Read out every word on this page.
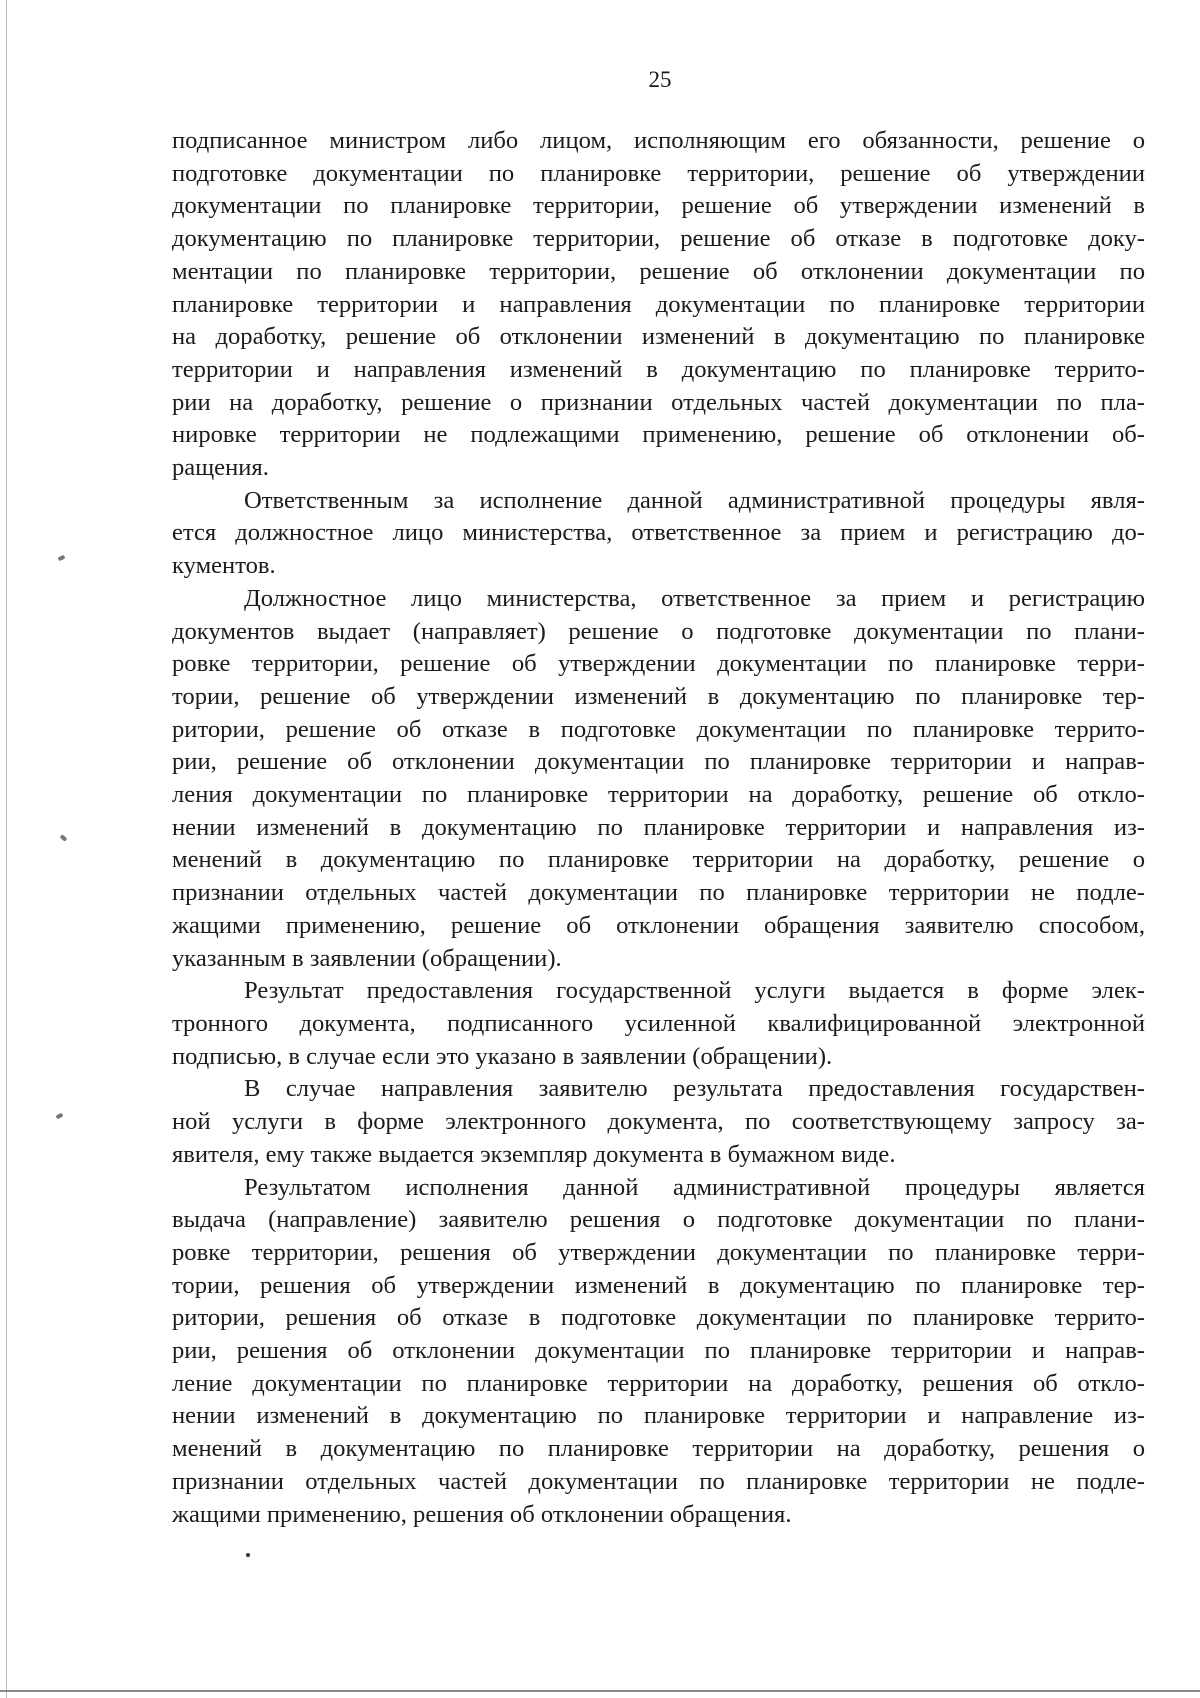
25

подписанное министром либо лицом, исполняющим его обязанности, решение о
подготовке документации по планировке территории, решение об утверждении
документации по планировке территории, решение об утверждении изменений в
документацию по планировке территории, решение об отказе в подготовке доку-
ментации по планировке территории, решение об отклонении документации по
планировке территории и направления документации по планировке территории
на доработку, решение об отклонении изменений в документацию по планировке
территории и направления изменений в документацию по планировке террито-
рии на доработку, решение о признании отдельных частей документации по пла-
нировке территории не подлежащими применению, решение об отклонении об-
ращения.

Ответственным за исполнение данной административной процедуры явля-
ется должностное лицо министерства, ответственное за прием и регистрацию до-
кументов.

Должностное лицо министерства, ответственное за прием и регистрацию
документов выдает (направляет) решение о подготовке документации по плани-
ровке территории, решение об утверждении документации по планировке терри-
тории, решение об утверждении изменений в документацию по планировке тер-
ритории, решение об отказе в подготовке документации по планировке террито-
рии, решение об отклонении документации по планировке территории и направ-
ления документации по планировке территории на доработку, решение об откло-
нении изменений в документацию по планировке территории и направления из-
менений в документацию по планировке территории на доработку, решение о
признании отдельных частей документации по планировке территории не подле-
жащими применению, решение об отклонении обращения заявителю способом,
указанным в заявлении (обращении).

Результат предоставления государственной услуги выдается в форме элек-
тронного документа, подписанного усиленной квалифицированной электронной
подписью, в случае если это указано в заявлении (обращении).

В случае направления заявителю результата предоставления государствен-
ной услуги в форме электронного документа, по соответствующему запросу за-
явителя, ему также выдается экземпляр документа в бумажном виде.

Результатом исполнения данной административной процедуры является
выдача (направление) заявителю решения о подготовке документации по плани-
ровке территории, решения об утверждении документации по планировке терри-
тории, решения об утверждении изменений в документацию по планировке тер-
ритории, решения об отказе в подготовке документации по планировке террито-
рии, решения об отклонении документации по планировке территории и направ-
ление документации по планировке территории на доработку, решения об откло-
нении изменений в документацию по планировке территории и направление из-
менений в документацию по планировке территории на доработку, решения о
признании отдельных частей документации по планировке территории не подле-
жащими применению, решения об отклонении обращения.
